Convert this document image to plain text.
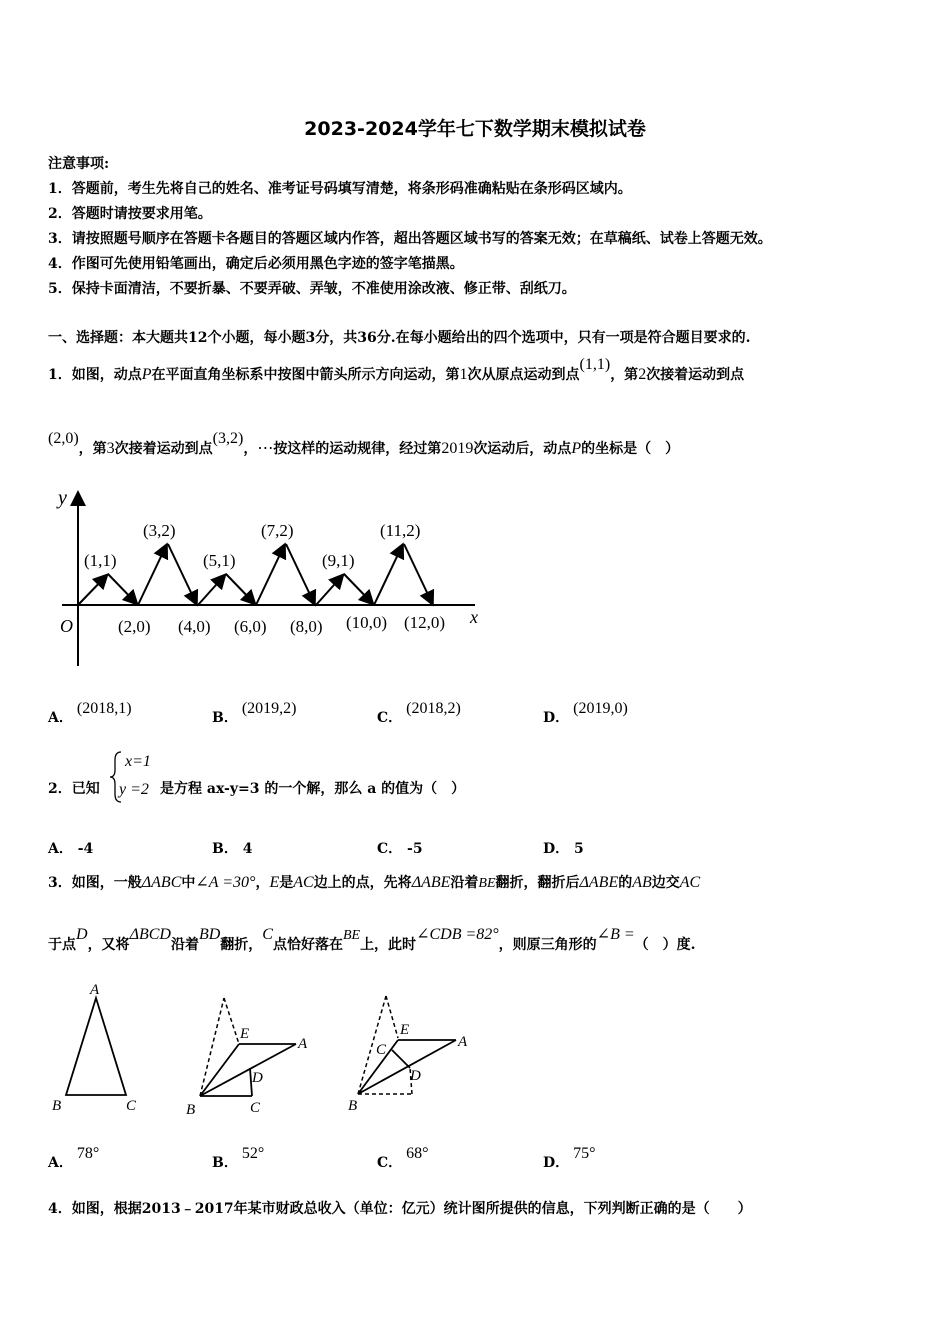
2023-2024学年七下数学期末模拟试卷
注意事项:
1．答题前，考生先将自己的姓名、准考证号码填写清楚，将条形码准确粘贴在条形码区域内。
2．答题时请按要求用笔。
3．请按照题号顺序在答题卡各题目的答题区域内作答，超出答题区域书写的答案无效；在草稿纸、试卷上答题无效。
4．作图可先使用铅笔画出，确定后必须用黑色字迹的签字笔描黑。
5．保持卡面清洁，不要折暴、不要弄破、弄皱，不准使用涂改液、修正带、刮纸刀。
一、选择题：本大题共12个小题，每小题3分，共36分.在每小题给出的四个选项中，只有一项是符合题目要求的.
1．如图，动点P在平面直角坐标系中按图中箭头所示方向运动，第1次从原点运动到点(1,1)，第2次接着运动到点
(2,0)，第3次接着运动到点(3,2)，⋯按这样的运动规律，经过第2019次运动后，动点P的坐标是（　）
y
x
O
(1,1)
(3,2)
(5,1)
(7,2)
(9,1)
(11,2)
(2,0) (4,0) (6,0) (8,0) (10,0) (12,0)
A．(2018,1)
B．(2019,2)
C．(2018,2)
D．(2019,0)
2．已知
x=1
y =2 是方程 ax-y=3 的一个解，那么 a 的值为（　）
A． -4	B． 4	C． -5	D． 5
3．如图，一般ΔABC中∠A =30°，E是AC边上的点，先将ΔABE沿着BE翻折，翻折后ΔABE的AB边交AC
于点D，又将ΔBCD沿着BD翻折，C点恰好落在BE上，此时∠CDB =82°，则原三角形的∠B =（　）度.
A
B	C
E
A
D
B	C
E
A
C
D
B
A．78°
B．52°
C．68°
D．75°
4．如图，根据2013﹣2017年某市财政总收入（单位：亿元）统计图所提供的信息，下列判断正确的是（　　）
